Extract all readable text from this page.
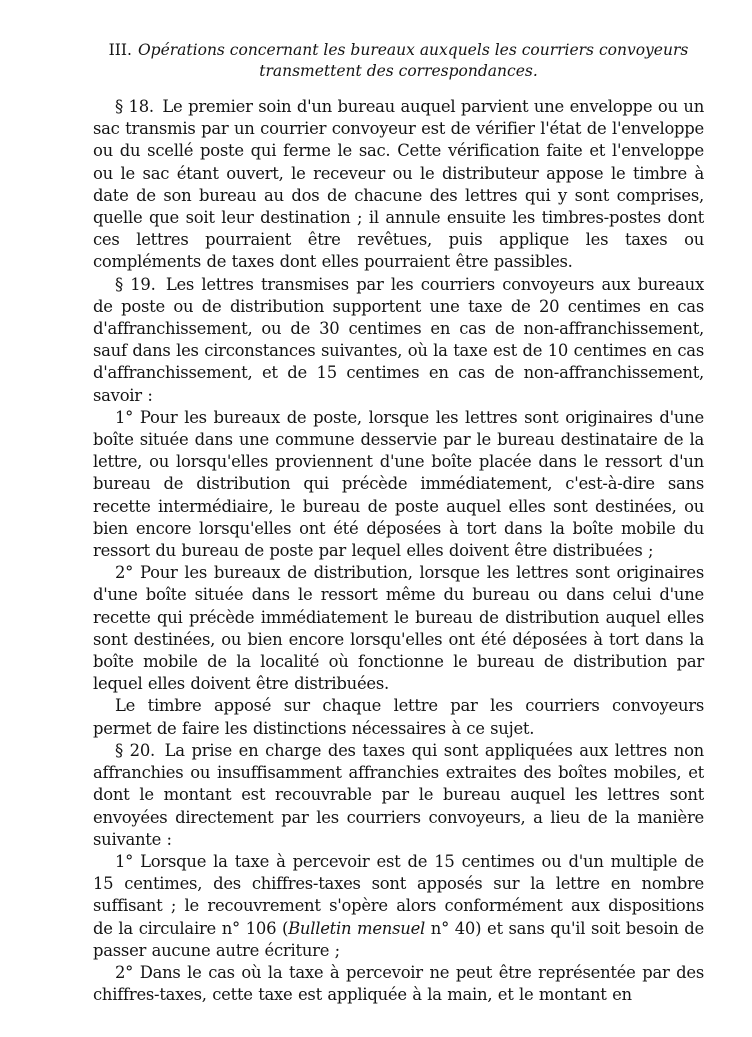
III. Opérations concernant les bureaux auxquels les courriers convoyeurs transmettent des correspondances.

§ 18. Le premier soin d'un bureau auquel parvient une enveloppe ou un sac transmis par un courrier convoyeur est de vérifier l'état de l'enveloppe ou du scellé poste qui ferme le sac. Cette vérification faite et l'enveloppe ou le sac étant ouvert, le receveur ou le distributeur appose le timbre à date de son bureau au dos de chacune des lettres qui y sont comprises, quelle que soit leur destination ; il annule ensuite les timbres-postes dont ces lettres pourraient être revêtues, puis applique les taxes ou compléments de taxes dont elles pourraient être passibles.

§ 19. Les lettres transmises par les courriers convoyeurs aux bureaux de poste ou de distribution supportent une taxe de 20 centimes en cas d'affranchissement, ou de 30 centimes en cas de non-affranchissement, sauf dans les circonstances suivantes, où la taxe est de 10 centimes en cas d'affranchissement, et de 15 centimes en cas de non-affranchissement, savoir :

1° Pour les bureaux de poste, lorsque les lettres sont originaires d'une boîte située dans une commune desservie par le bureau destinataire de la lettre, ou lorsqu'elles proviennent d'une boîte placée dans le ressort d'un bureau de distribution qui précède immédiatement, c'est-à-dire sans recette intermédiaire, le bureau de poste auquel elles sont destinées, ou bien encore lorsqu'elles ont été déposées à tort dans la boîte mobile du ressort du bureau de poste par lequel elles doivent être distribuées ;

2° Pour les bureaux de distribution, lorsque les lettres sont originaires d'une boîte située dans le ressort même du bureau ou dans celui d'une recette qui précède immédiatement le bureau de distribution auquel elles sont destinées, ou bien encore lorsqu'elles ont été déposées à tort dans la boîte mobile de la localité où fonctionne le bureau de distribution par lequel elles doivent être distribuées.

Le timbre apposé sur chaque lettre par les courriers convoyeurs permet de faire les distinctions nécessaires à ce sujet.

§ 20. La prise en charge des taxes qui sont appliquées aux lettres non affranchies ou insuffisamment affranchies extraites des boîtes mobiles, et dont le montant est recouvrable par le bureau auquel les lettres sont envoyées directement par les courriers convoyeurs, a lieu de la manière suivante :

1° Lorsque la taxe à percevoir est de 15 centimes ou d'un multiple de 15 centimes, des chiffres-taxes sont apposés sur la lettre en nombre suffisant ; le recouvrement s'opère alors conformément aux dispositions de la circulaire n° 106 (Bulletin mensuel n° 40) et sans qu'il soit besoin de passer aucune autre écriture ;

2° Dans le cas où la taxe à percevoir ne peut être représentée par des chiffres-taxes, cette taxe est appliquée à la main, et le montant en
